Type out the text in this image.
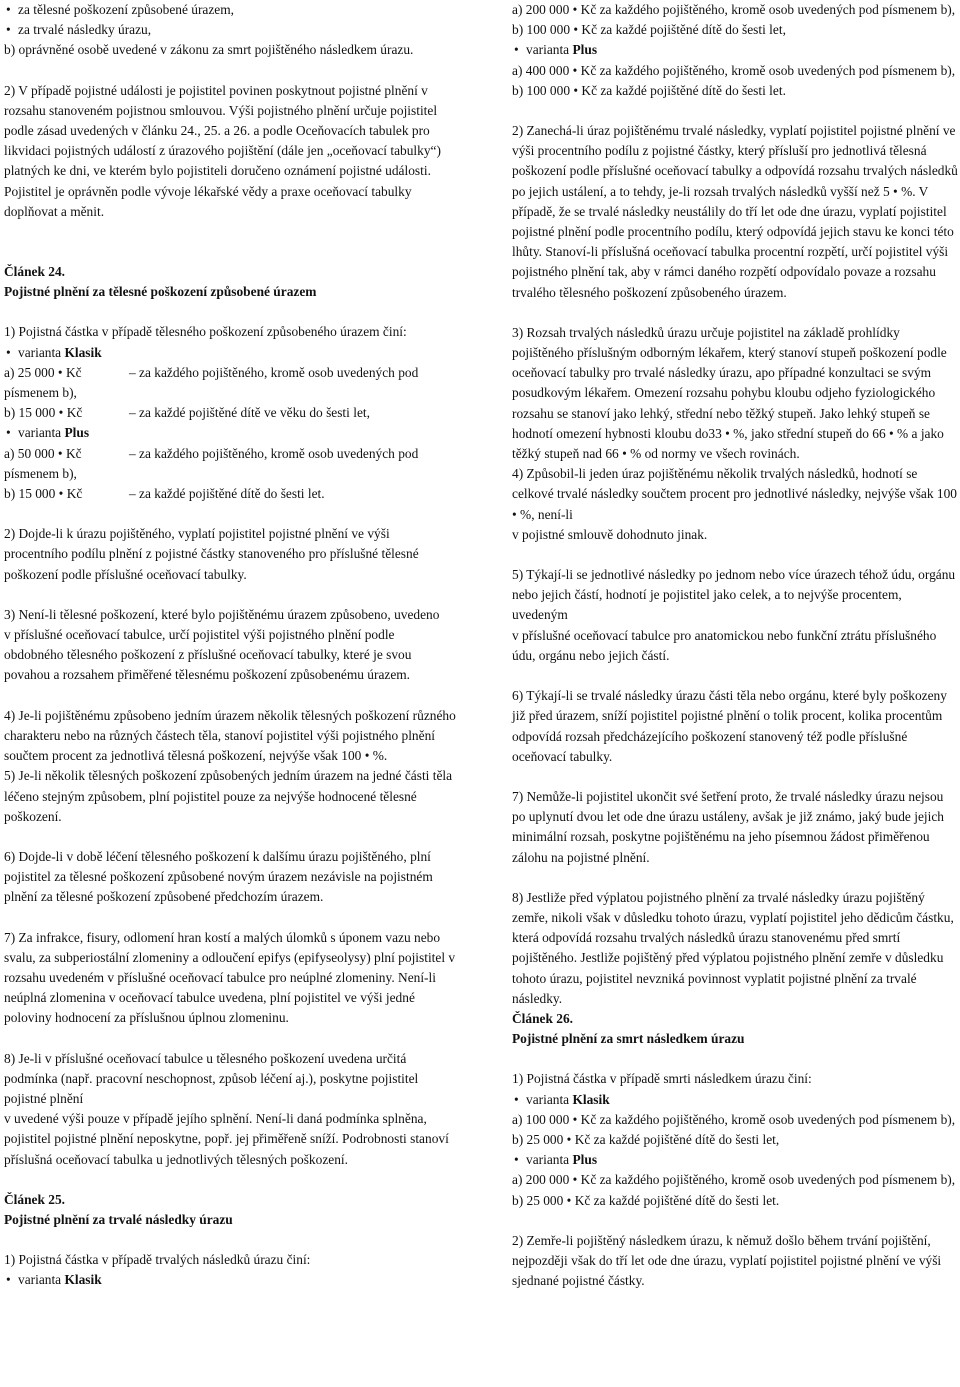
• za tělesné poškození způsobené úrazem,

• za trvalé následky úrazu,

b) oprávněné osobě uvedené v zákonu za smrt pojištěného následkem úrazu.

2) V případě pojistné události je pojistitel povinen poskytnout pojistné plnění v rozsahu stanoveném pojistnou smlouvou. Výši pojistného plnění určuje pojistitel podle zásad uvedených v článku 24., 25. a 26. a podle Oceňovacích tabulek pro likvidaci pojistných událostí z úrazového pojištění (dále jen „oceňovací tabulky“) platných ke dni, ve kterém bylo pojistiteli doručeno oznámení pojistné události. Pojistitel je oprávněn podle vývoje lékařské vědy a praxe oceňovací tabulky doplňovat a měnit.

Článek 24.

Pojistné plnění za tělesné poškození způsobené úrazem

1) Pojistná částka v případě tělesného poškození způsobeného úrazem činí:

• varianta Klasik

a) 25 000 • Kč	– za každého pojištěného, kromě osob uvedených pod

písmenem b),

b) 15 000 • Kč	– za každé pojištěné dítě ve věku do šesti let,

• varianta Plus

a) 50 000 • Kč	– za každého pojištěného, kromě osob uvedených pod

písmenem b),

b) 15 000 • Kč	– za každé pojištěné dítě do šesti let.

2) Dojde-li k úrazu pojištěného, vyplatí pojistitel pojistné plnění ve výši procentního podílu plnění z pojistné částky stanoveného pro příslušné tělesné poškození podle příslušné oceňovací tabulky.

3) Není-li tělesné poškození, které bylo pojištěnému úrazem způsobeno, uvedeno

v příslušné oceňovací tabulce, určí pojistitel výši pojistného plnění podle obdobného tělesného poškození z příslušné oceňovací tabulky, které je svou povahou a rozsahem přiměřené tělesnému poškození způsobenému úrazem.

4) Je-li pojištěnému způsobeno jedním úrazem několik tělesných poškození různého charakteru nebo na různých částech těla, stanoví pojistitel výši pojistného plnění součtem procent za jednotlivá tělesná poškození, nejvýše však 100 • %.

5) Je-li několik tělesných poškození způsobených jedním úrazem na jedné části těla léčeno stejným způsobem, plní pojistitel pouze za nejvýše hodnocené tělesné poškození.

6) Dojde-li v době léčení tělesného poškození k dalšímu úrazu pojištěného, plní pojistitel za tělesné poškození způsobené novým úrazem nezávisle na pojistném plnění za tělesné poškození způsobené předchozím úrazem.

7) Za infrakce, fisury, odlomení hran kostí a malých úlomků s úponem vazu nebo svalu, za subperiostální zlomeniny a odloučení epifys (epifyseolysy) plní pojistitel v rozsahu uvedeném v příslušné oceňovací tabulce pro neúplné zlomeniny. Není-li neúplná zlomenina v oceňovací tabulce uvedena, plní pojistitel ve výši jedné poloviny hodnocení za příslušnou úplnou zlomeninu.

8) Je-li v příslušné oceňovací tabulce u tělesného poškození uvedena určitá podmínka (např. pracovní neschopnost, způsob léčení aj.), poskytne pojistitel pojistné plnění

v uvedené výši pouze v případě jejího splnění. Není-li daná podmínka splněna, pojistitel pojistné plnění neposkytne, popř. jej přiměřeně sníží. Podrobnosti stanoví příslušná oceňovací tabulka u jednotlivých tělesných poškození.

Článek 25.

Pojistné plnění za trvalé následky úrazu

1) Pojistná částka v případě trvalých následků úrazu činí:

• varianta Klasik

a) 200 000 • Kč za každého pojištěného, kromě osob uvedených pod písmenem b),

b) 100 000 • Kč za každé pojištěné dítě do šesti let,

• varianta Plus

a) 400 000 • Kč za každého pojištěného, kromě osob uvedených pod písmenem b),

b) 100 000 • Kč za každé pojištěné dítě do šesti let.

2) Zanechá-li úraz pojištěnému trvalé následky, vyplatí pojistitel pojistné plnění ve výši procentního podílu z pojistné částky, který přísluší pro jednotlivá tělesná poškození podle příslušné oceňovací tabulky a odpovídá rozsahu trvalých následků po jejich ustálení, a to tehdy, je-li rozsah trvalých následků vyšší než 5 • %. V případě, že se trvalé následky neustálily do tří let ode dne úrazu, vyplatí pojistitel pojistné plnění podle procentního podílu, který odpovídá jejich stavu ke konci této lhůty. Stanoví-li příslušná oceňovací tabulka procentní rozpětí, určí pojistitel výši pojistného plnění tak, aby v rámci daného rozpětí odpovídalo povaze a rozsahu trvalého tělesného poškození způsobeného úrazem.

3) Rozsah trvalých následků úrazu určuje pojistitel na základě prohlídky pojištěného příslušným odborným lékařem, který stanoví stupeň poškození podle oceňovací tabulky pro trvalé následky úrazu, apo případné konzultaci se svým posudkovým lékařem. Omezení rozsahu pohybu kloubu odjeho fyziologického rozsahu se stanoví jako lehký, střední nebo těžký stupeň. Jako lehký stupeň se hodnotí omezení hybnosti kloubu do33 • %, jako střední stupeň do 66 • % a jako těžký stupeň nad 66 • % od normy ve všech rovinách.

4) Způsobil-li jeden úraz pojištěnému několik trvalých následků, hodnotí se celkové trvalé následky součtem procent pro jednotlivé následky, nejvýše však 100 • %, není-li

v pojistné smlouvě dohodnuto jinak.

5) Týkají-li se jednotlivé následky po jednom nebo více úrazech téhož údu, orgánu nebo jejich částí, hodnotí je pojistitel jako celek, a to nejvýše procentem, uvedeným

v příslušné oceňovací tabulce pro anatomickou nebo funkční ztrátu příslušného údu, orgánu nebo jejich částí.

6) Týkají-li se trvalé následky úrazu části těla nebo orgánu, které byly poškozeny již před úrazem, sníží pojistitel pojistné plnění o tolik procent, kolika procentům odpovídá rozsah předcházejícího poškození stanovený též podle příslušné oceňovací tabulky.

7) Nemůže-li pojistitel ukončit své šetření proto, že trvalé následky úrazu nejsou po uplynutí dvou let ode dne úrazu ustáleny, avšak je již známo, jaký bude jejich minimální rozsah, poskytne pojištěnému na jeho písemnou žádost přiměřenou zálohu na pojistné plnění.

8) Jestliže před výplatou pojistného plnění za trvalé následky úrazu pojištěný zemře, nikoli však v důsledku tohoto úrazu, vyplatí pojistitel jeho dědicům částku, která odpovídá rozsahu trvalých následků úrazu stanovenému před smrtí pojištěného. Jestliže pojištěný před výplatou pojistného plnění zemře v důsledku tohoto úrazu, pojistitel nevzniká povinnost vyplatit pojistné plnění za trvalé následky.

Článek 26.

Pojistné plnění za smrt následkem úrazu

1) Pojistná částka v případě smrti následkem úrazu činí:

• varianta Klasik

a) 100 000 • Kč za každého pojištěného, kromě osob uvedených pod písmenem b),

b) 25 000 • Kč za každé pojištěné dítě do šesti let,

• varianta Plus

a) 200 000 • Kč za každého pojištěného, kromě osob uvedených pod písmenem b),

b) 25 000 • Kč za každé pojištěné dítě do šesti let.

2) Zemře-li pojištěný následkem úrazu, k němuž došlo během trvání pojištění, nejpozději však do tří let ode dne úrazu, vyplatí pojistitel pojistné plnění ve výši sjednané pojistné částky.
